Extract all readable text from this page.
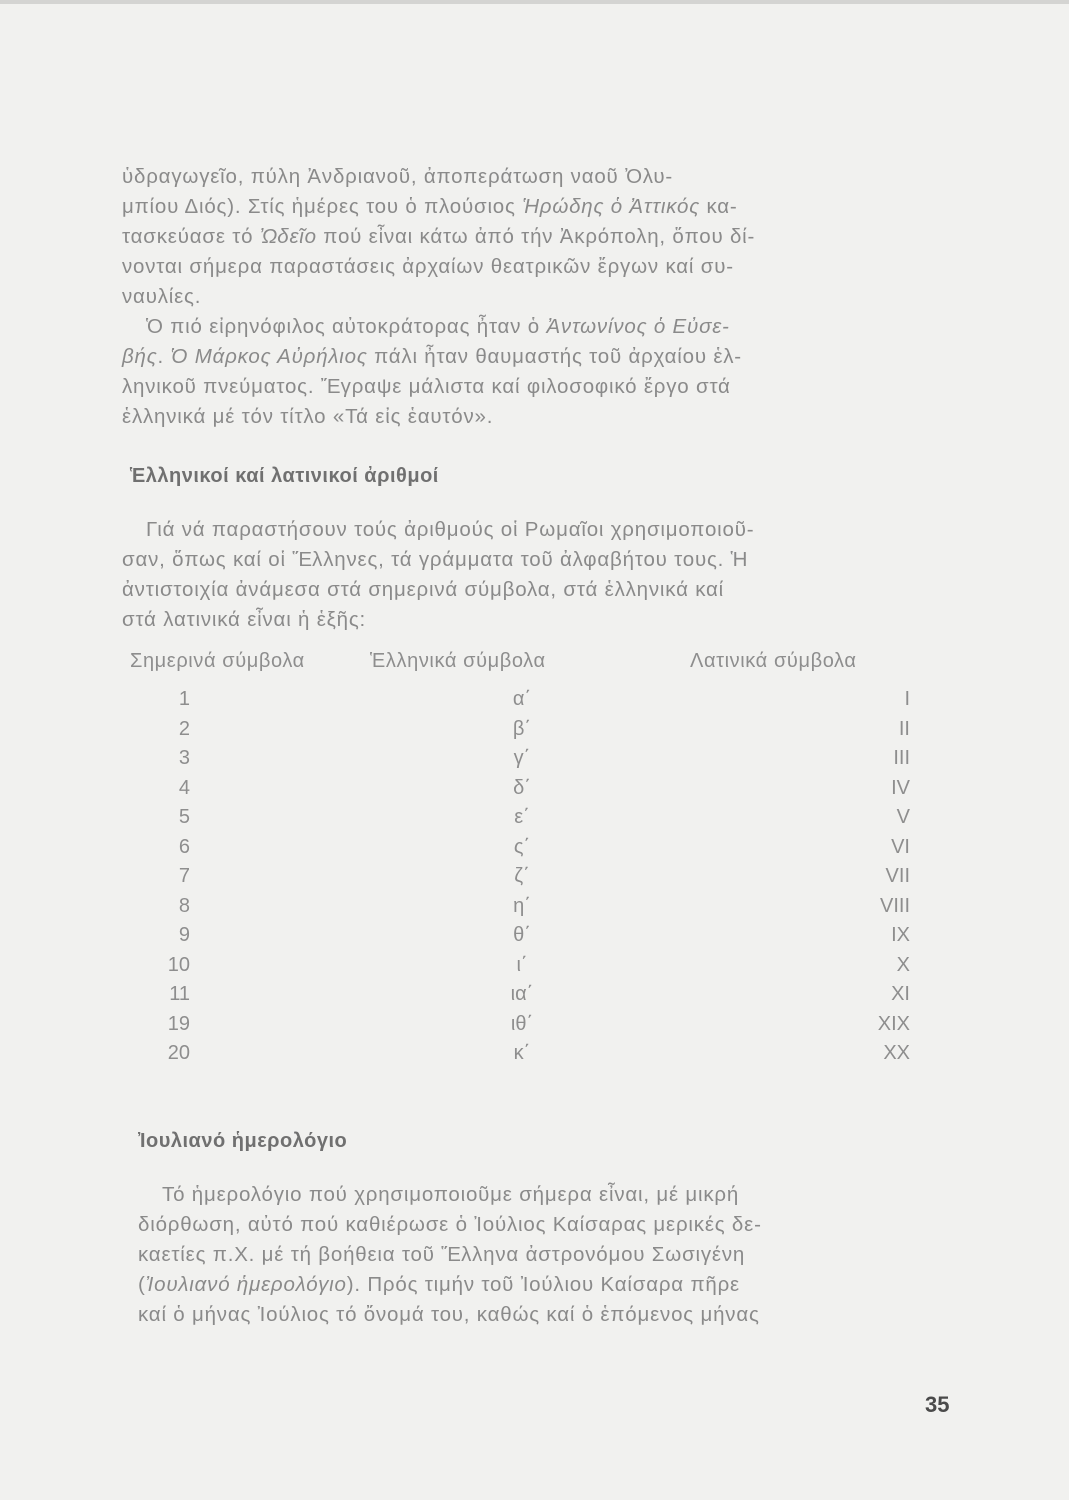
ὑδραγωγεῖο, πύλη Ἀνδριανοῦ, ἀποπεράτωση ναοῦ Ὀλυ-
μπίου Διός). Στίς ἡμέρες του ὁ πλούσιος Ἡρώδης ὁ Ἀττικός κα-
τασκεύασε τό Ὠδεῖο πού εἶναι κάτω ἀπό τήν Ἀκρόπολη, ὅπου δί-
νονται σήμερα παραστάσεις ἀρχαίων θεατρικῶν ἔργων καί συ-
ναυλίες.
Ὁ πιό εἰρηνόφιλος αὐτοκράτορας ἦταν ὁ Ἀντωνίνος ὁ Εὐσε-
βής. Ὁ Μάρκος Αὐρήλιος πάλι ἦταν θαυμαστής τοῦ ἀρχαίου ἑλ-
ληνικοῦ πνεύματος. Ἔγραψε μάλιστα καί φιλοσοφικό ἔργο στά
ἑλληνικά μέ τόν τίτλο «Τά εἰς ἑαυτόν».
Ἑλληνικοί καί λατινικοί ἀριθμοί
Γιά νά παραστήσουν τούς ἀριθμούς οἱ Ρωμαῖοι χρησιμοποιοῦ-
σαν, ὅπως καί οἱ Ἕλληνες, τά γράμματα τοῦ ἀλφαβήτου τους. Ἡ
ἀντιστοιχία ἀνάμεσα στά σημερινά σύμβολα, στά ἑλληνικά καί
στά λατινικά εἶναι ἡ ἑξῆς:
Σημερινά σύμβολα	Ἑλληνικά σύμβολα	Λατινικά σύμβολα
1
2
3
4
5
6
7
8
9
10
11
19
20
α΄
β΄
γ΄
δ΄
ε΄
ς΄
ζ΄
η΄
θ΄
ι΄
ια΄
ιθ΄
κ΄
I
II
III
IV
V
VI
VII
VIII
IX
X
XI
XIX
XX
Ἰουλιανό ἡμερολόγιο
Τό ἡμερολόγιο πού χρησιμοποιοῦμε σήμερα εἶναι, μέ μικρή
διόρθωση, αὐτό πού καθιέρωσε ὁ Ἰούλιος Καίσαρας μερικές δε-
καετίες π.Χ. μέ τή βοήθεια τοῦ Ἕλληνα ἀστρονόμου Σωσιγένη
(Ἰουλιανό ἡμερολόγιο). Πρός τιμήν τοῦ Ἰούλιου Καίσαρα πῆρε
καί ὁ μήνας Ἰούλιος τό ὄνομά του, καθώς καί ὁ ἑπόμενος μήνας
35
